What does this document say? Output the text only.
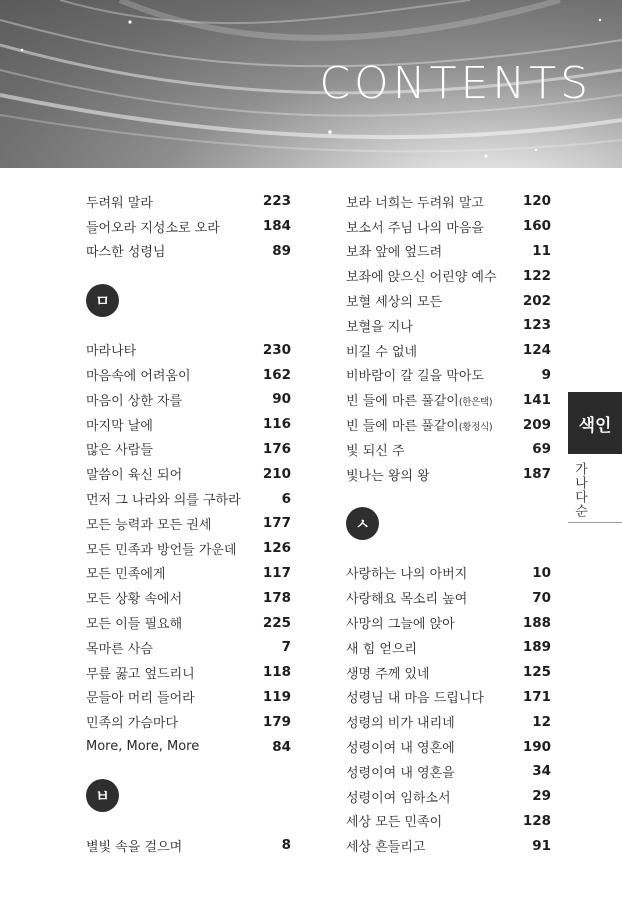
CONTENTS
두려워 말라	223
들어오라 지성소로 오라	184
따스한 성령님	89
ㅁ
마라나타	230
마음속에 어려움이	162
마음이 상한 자를	90
마지막 날에	116
많은 사람들	176
말씀이 육신 되어	210
먼저 그 나라와 의를 구하라	6
모든 능력과 모든 권세	177
모든 민족과 방언들 가운데 126
모든 민족에게	117
모든 상황 속에서	178
모든 이들 필요해	225
목마른 사슴	7
무릎 꿇고 엎드리니	118
문들아 머리 들어라	119
민족의 가슴마다	179
More, More, More	84
ㅂ
별빛 속을 걸으며	8
보라 너희는 두려워 말고	120
보소서 주님 나의 마음을	160
보좌 앞에 엎드려	11
보좌에 앉으신 어린양 예수 122
보혈 세상의 모든	202
보혈을 지나	123
비길 수 없네	124
비바람이 갈 길을 막아도	9
빈 들에 마른 풀같이(한은택) 141
빈 들에 마른 풀같이(황정식) 209
빛 되신 주	69
빛나는 왕의 왕	187
ㅅ
사랑하는 나의 아버지	10
사랑해요 목소리 높여	70
사망의 그늘에 앉아	188
새 힘 얻으리	189
생명 주께 있네	125
성령님 내 마음 드립니다	171
성령의 비가 내리네	12
성령이여 내 영혼에	190
성령이여 내 영혼을	34
성령이여 임하소서	29
세상 모든 민족이	128
세상 흔들리고	91
색인
가나다순
